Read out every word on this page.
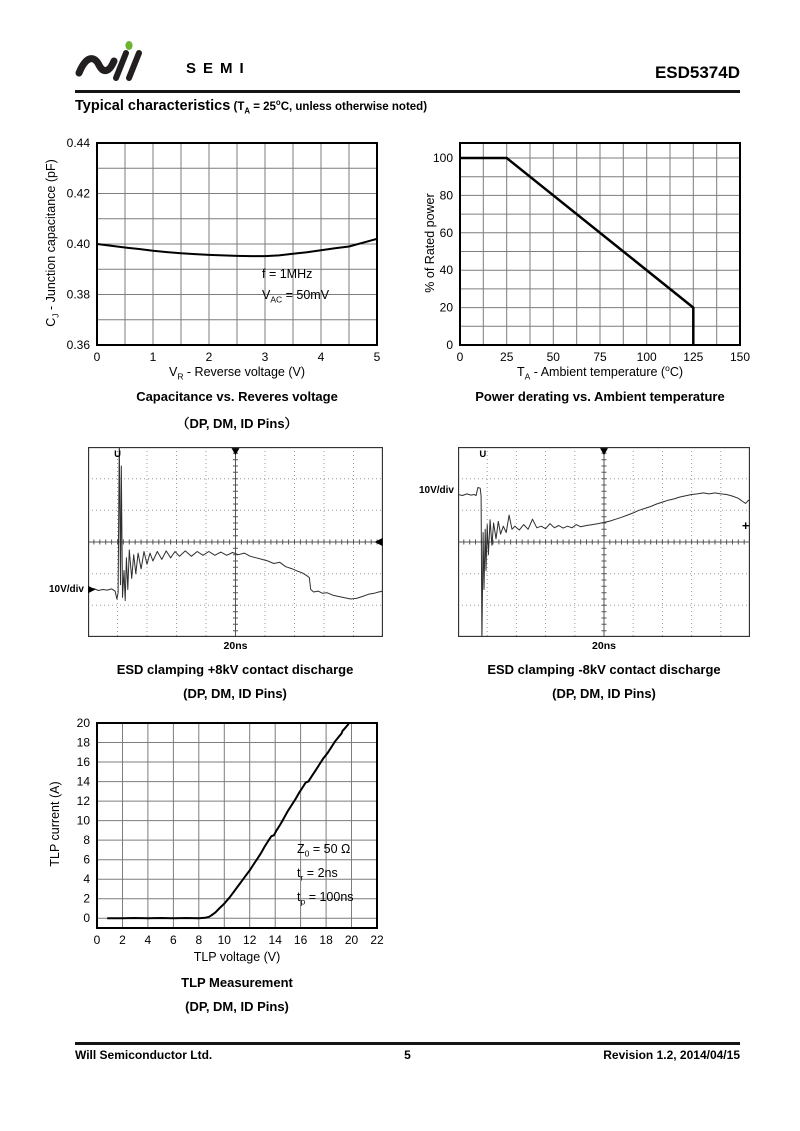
SEMI	ESD5374D
Typical characteristics ($T_A = 25^oC$, unless otherwise noted)
$C_J$ - Junction capacitance (pF)
0	1	2	3	4	5
0.36
0.38
0.40
0.42
0.44
f = 1MHz
$V_{AC} = 50mV$
$V_R$ - Reverse voltage (V)
Capacitance vs. Reveres voltage
（DP, DM, ID Pins）
% of Rated power
0	25	50	75	100 125 150
0
20
40
60
80
100
$T_A$ - Ambient temperature ($^o$C)
Power derating vs. Ambient temperature
U
10V/div
20ns
ESD clamping +8kV contact discharge
(DP, DM, ID Pins)
U
+
10V/div
20ns
ESD clamping -8kV contact discharge
(DP, DM, ID Pins)
TLP current (A)
0 2 4 6 8 10 12 14 16 18 20 22
0
2
4
6
8
10
12
14
16
18
20
$Z_0 = 50$ Ω
$t_r = 2ns$
$t_p = 100ns$
TLP voltage (V)
TLP Measurement
(DP, DM, ID Pins)
Will Semiconductor Ltd.	5	Revision 1.2, 2014/04/15
